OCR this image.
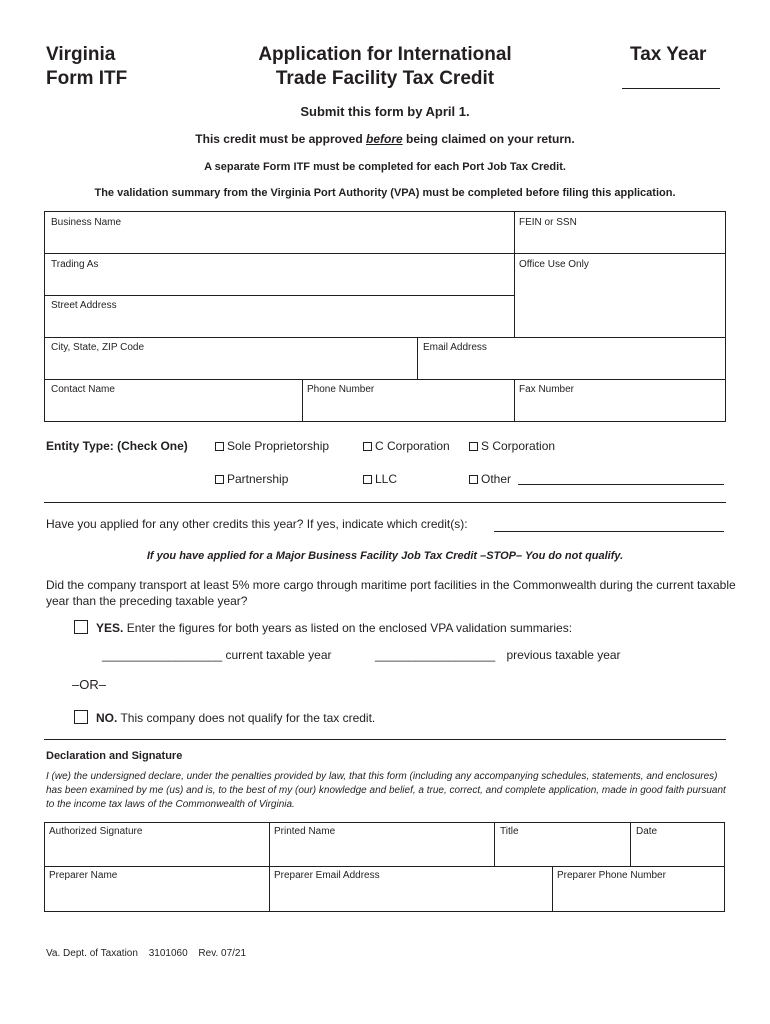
Virginia
Form ITF
Application for International
Trade Facility Tax Credit
Tax Year
Submit this form by April 1.
This credit must be approved before being claimed on your return.
A separate Form ITF must be completed for each Port Job Tax Credit.
The validation summary from the Virginia Port Authority (VPA) must be completed before filing this application.
Business Name	FEIN or SSN
Trading As	Office Use Only
Street Address
City, State, ZIP Code	Email Address
Contact Name	Phone Number	Fax Number
Entity Type: (Check One)	Sole Proprietorship	C Corporation	S Corporation
Partnership	LLC	Other
Have you applied for any other credits this year? If yes, indicate which credit(s):
If you have applied for a Major Business Facility Job Tax Credit –STOP– You do not qualify.
Did the company transport at least 5% more cargo through maritime port facilities in the Commonwealth during the current taxable year than the preceding taxable year?
YES. Enter the figures for both years as listed on the enclosed VPA validation summaries:
__________________ current taxable year	__________________ previous taxable year
–OR–
NO. This company does not qualify for the tax credit.
Declaration and Signature
I (we) the undersigned declare, under the penalties provided by law, that this form (including any accompanying schedules, statements, and enclosures) has been examined by me (us) and is, to the best of my (our) knowledge and belief, a true, correct, and complete application, made in good faith pursuant to the income tax laws of the Commonwealth of Virginia.
Authorized Signature	Printed Name	Title	Date
Preparer Name	Preparer Email Address	Preparer Phone Number
Va. Dept. of Taxation 3101060 Rev. 07/21
